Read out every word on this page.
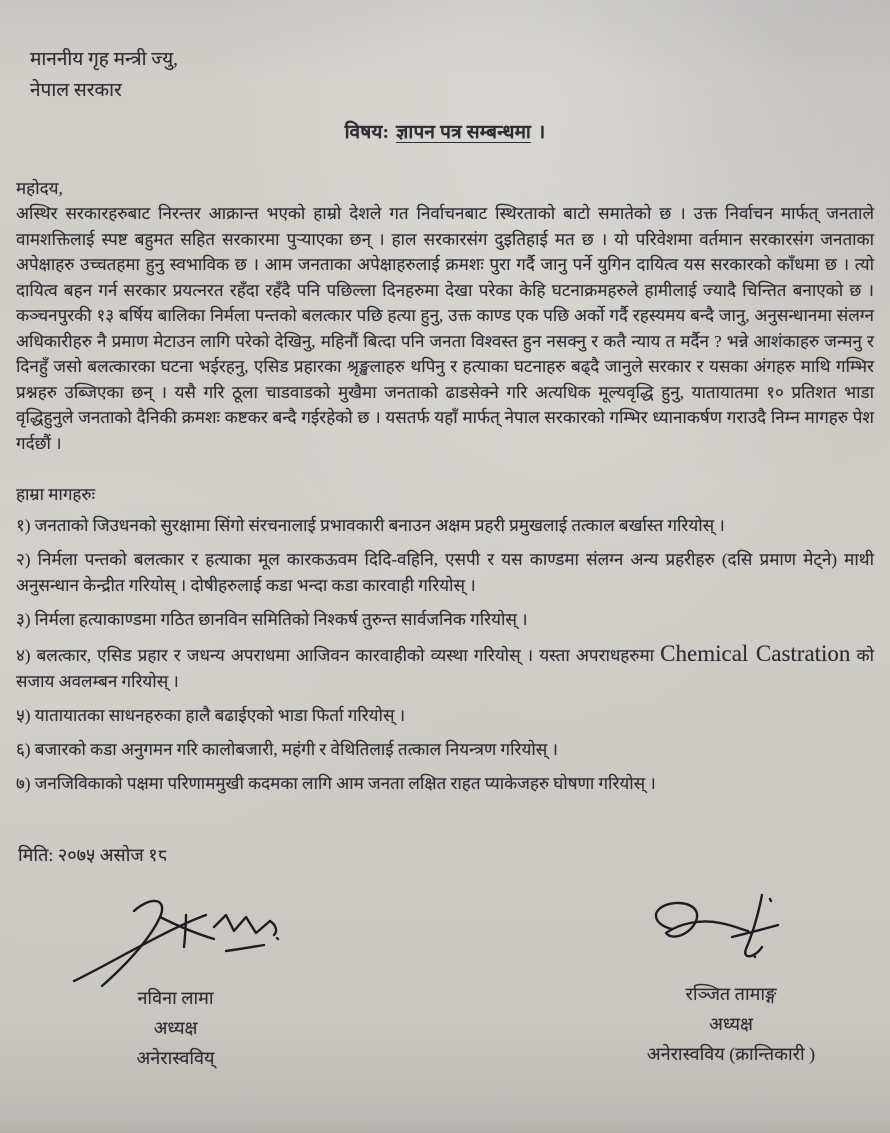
माननीय गृह मन्त्री ज्यु,
नेपाल सरकार
विषय: ज्ञापन पत्र सम्बन्धमा ।
महोदय,
अस्थिर सरकारहरुबाट निरन्तर आक्रान्त भएको हाम्रो देशले गत निर्वाचनबाट स्थिरताको बाटो समातेको छ । उक्त निर्वाचन मार्फत् जनताले वामशक्तिलाई स्पष्ट बहुमत सहित सरकारमा पुऱ्याएका छन् । हाल सरकारसंग दुइतिहाई मत छ । यो परिवेशमा वर्तमान सरकारसंग जनताका अपेक्षाहरु उच्चतहमा हुनु स्वभाविक छ । आम जनताका अपेक्षाहरुलाई क्रमशः पुरा गर्दै जानु पर्ने युगिन दायित्व यस सरकारको काँधमा छ । त्यो दायित्व बहन गर्न सरकार प्रयत्नरत रहँदा रहँदै पनि पछिल्ला दिनहरुमा देखा परेका केहि घटनाक्रमहरुले हामीलाई ज्यादै चिन्तित बनाएको छ । कञ्चनपुरकी १३ बर्षिय बालिका निर्मला पन्तको बलत्कार पछि हत्या हुनु, उक्त काण्ड एक पछि अर्को गर्दै रहस्यमय बन्दै जानु, अनुसन्धानमा संलग्न अधिकारीहरु नै प्रमाण मेटाउन लागि परेको देखिनु, महिनौं बित्दा पनि जनता विश्वस्त हुन नसक्नु र कतै न्याय त मर्दैन ? भन्ने आशंकाहरु जन्मनु र दिनहुँ जसो बलत्कारका घटना भईरहनु, एसिड प्रहारका श्रृङ्खलाहरु थपिनु र हत्याका घटनाहरु बढ्दै जानुले सरकार र यसका अंगहरु माथि गम्भिर प्रश्नहरु उब्जिएका छन् । यसै गरि ठूला चाडवाडको मुखैमा जनताको ढाडसेक्ने गरि अत्यधिक मूल्यवृद्धि हुनु, यातायातमा १० प्रतिशत भाडा वृद्धिहुनुले जनताको दैनिकी क्रमशः कष्टकर बन्दै गईरहेको छ । यसतर्फ यहाँ मार्फत् नेपाल सरकारको गम्भिर ध्यानाकर्षण गराउदै निम्न मागहरु पेश गर्दछौं ।
हाम्रा मागहरुः

१) जनताको जिउधनको सुरक्षामा सिंगो संरचनालाई प्रभावकारी बनाउन अक्षम प्रहरी प्रमुखलाई तत्काल बर्खास्त गरियोस् ।

२) निर्मला पन्तको बलत्कार र हत्याका मूल कारकऊवम दिदि-वहिनि, एसपी र यस काण्डमा संलग्न अन्य प्रहरीहरु (दसि प्रमाण मेट्ने) माथी अनुसन्धान केन्द्रीत गरियोस् । दोषीहरुलाई कडा भन्दा कडा कारवाही गरियोस् ।

३) निर्मला हत्याकाण्डमा गठित छानविन समितिको निश्कर्ष तुरुन्त सार्वजनिक गरियोस् ।

४) बलत्कार, एसिड प्रहार र जधन्य अपराधमा आजिवन कारवाहीको व्यस्था गरियोस् । यस्ता अपराधहरुमा Chemical Castration को सजाय अवलम्बन गरियोस् ।

५) यातायातका साधनहरुका हालै बढाईएको भाडा फिर्ता गरियोस् ।

६) बजारको कडा अनुगमन गरि कालोबजारी, महंगी र वेथितिलाई तत्काल नियन्त्रण गरियोस् ।

७) जनजिविकाको पक्षमा परिणाममुखी कदमका लागि आम जनता लक्षित राहत प्याकेजहरु घोषणा गरियोस् ।

मिति: २०७५ असोज १८
नविना लामा
अध्यक्ष
अनेरास्वविय्
रञ्जित तामाङ्ग
अध्यक्ष
अनेरास्वविय (क्रान्तिकारी )
